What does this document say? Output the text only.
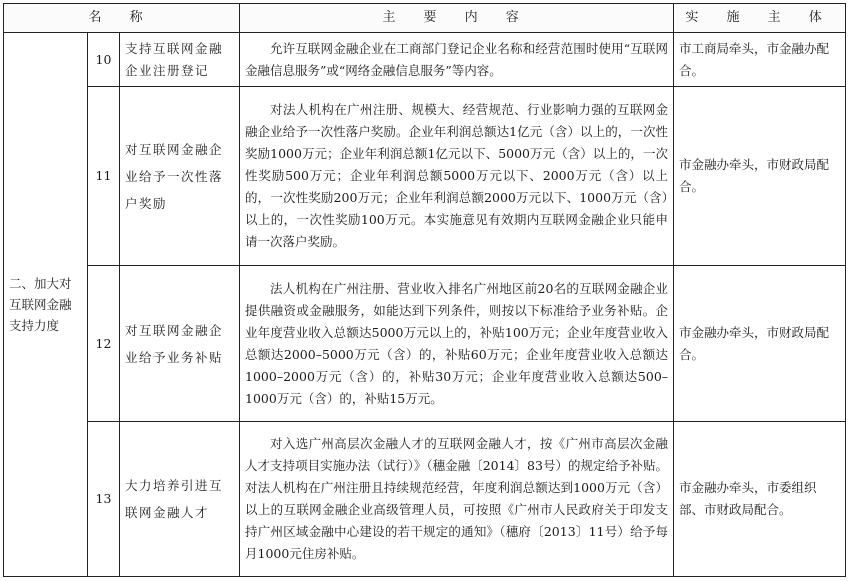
名 称			主 要 内 容	实 施 主 体
二、加大对互联网金融支持力度	10	支持互联网金融企业注册登记	允许互联网金融企业在工商部门登记企业名称和经营范围时使用“互联网金融信息服务”或“网络金融信息服务”等内容。	市工商局牵头，市金融办配合。
	11	对互联网金融企业给予一次性落户奖励	对法人机构在广州注册、规模大、经营规范、行业影响力强的互联网金融企业给予一次性落户奖励。企业年利润总额达1亿元（含）以上的，一次性奖励1000万元；企业年利润总额1亿元以下、5000万元（含）以上的，一次性奖励500万元；企业年利润总额5000万元以下、2000万元（含）以上的，一次性奖励200万元；企业年利润总额2000万元以下、1000万元（含）以上的，一次性奖励100万元。本实施意见有效期内互联网金融企业只能申请一次落户奖励。	市金融办牵头，市财政局配合。
	12	对互联网金融企业给予业务补贴	法人机构在广州注册、营业收入排名广州地区前20名的互联网金融企业提供融资或金融服务，如能达到下列条件，则按以下标准给予业务补贴。企业年度营业收入总额达5000万元以上的，补贴100万元；企业年度营业收入总额达2000–5000万元（含）的，补贴60万元；企业年度营业收入总额达1000–2000万元（含）的，补贴30万元；企业年度营业收入总额达500–1000万元（含）的，补贴15万元。	市金融办牵头，市财政局配合。
	13	大力培养引进互联网金融人才	对入选广州高层次金融人才的互联网金融人才，按《广州市高层次金融人才支持项目实施办法（试行）》（穗金融〔2014〕83号）的规定给予补贴。对法人机构在广州注册且持续规范经营，年度利润总额达到1000万元（含）以上的互联网金融企业高级管理人员，可按照《广州市人民政府关于印发支持广州区域金融中心建设的若干规定的通知》（穗府〔2013〕11号）给予每月1000元住房补贴。	市金融办牵头，市委组织部、市财政局配合。
